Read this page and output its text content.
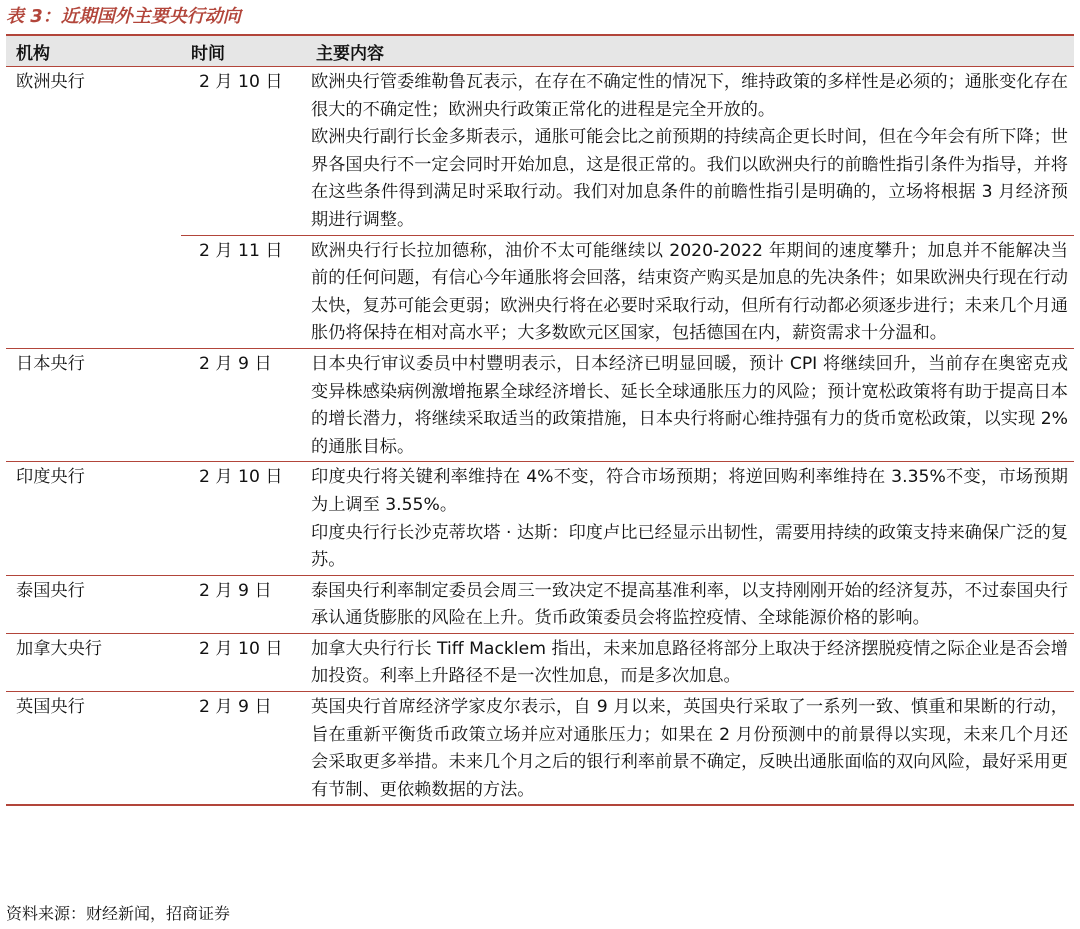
表 3：近期国外主要央行动向
机构	时间	主要内容
欧洲央行	2 月 10 日	欧洲央行管委维勒鲁瓦表示，在存在不确定性的情况下，维持政策的多样性是必须的；通胀变化存在很大的不确定性；欧洲央行政策正常化的进程是完全开放的。

欧洲央行副行长金多斯表示，通胀可能会比之前预期的持续高企更长时间，但在今年会有所下降；世界各国央行不一定会同时开始加息，这是很正常的。我们以欧洲央行的前瞻性指引条件为指导，并将在这些条件得到满足时采取行动。我们对加息条件的前瞻性指引是明确的，立场将根据 3 月经济预期进行调整。

	2 月 11 日	欧洲央行行长拉加德称，油价不太可能继续以 2020-2022 年期间的速度攀升；加息并不能解决当前的任何问题，有信心今年通胀将会回落，结束资产购买是加息的先决条件；如果欧洲央行现在行动太快，复苏可能会更弱；欧洲央行将在必要时采取行动，但所有行动都必须逐步进行；未来几个月通胀仍将保持在相对高水平；大多数欧元区国家，包括德国在内，薪资需求十分温和。

日本央行	2 月 9 日	日本央行审议委员中村豐明表示，日本经济已明显回暖，预计 CPI 将继续回升，当前存在奥密克戎变异株感染病例激增拖累全球经济增长、延长全球通胀压力的风险；预计宽松政策将有助于提高日本的增长潜力，将继续采取适当的政策措施，日本央行将耐心维持强有力的货币宽松政策，以实现 2%的通胀目标。

印度央行	2 月 10 日	印度央行将关键利率维持在 4%不变，符合市场预期；将逆回购利率维持在 3.35%不变，市场预期为上调至 3.55%。

印度央行行长沙克蒂坎塔 · 达斯：印度卢比已经显示出韧性，需要用持续的政策支持来确保广泛的复苏。

泰国央行	2 月 9 日	泰国央行利率制定委员会周三一致决定不提高基准利率，以支持刚刚开始的经济复苏，不过泰国央行承认通货膨胀的风险在上升。货币政策委员会将监控疫情、全球能源价格的影响。

加拿大央行	2 月 10 日	加拿大央行行长 Tiff Macklem 指出，未来加息路径将部分上取决于经济摆脱疫情之际企业是否会增加投资。利率上升路径不是一次性加息，而是多次加息。

英国央行	2 月 9 日	英国央行首席经济学家皮尔表示，自 9 月以来，英国央行采取了一系列一致、慎重和果断的行动，旨在重新平衡货币政策立场并应对通胀压力；如果在 2 月份预测中的前景得以实现，未来几个月还会采取更多举措。未来几个月之后的银行利率前景不确定，反映出通胀面临的双向风险，最好采用更有节制、更依赖数据的方法。

资料来源：财经新闻，招商证券
